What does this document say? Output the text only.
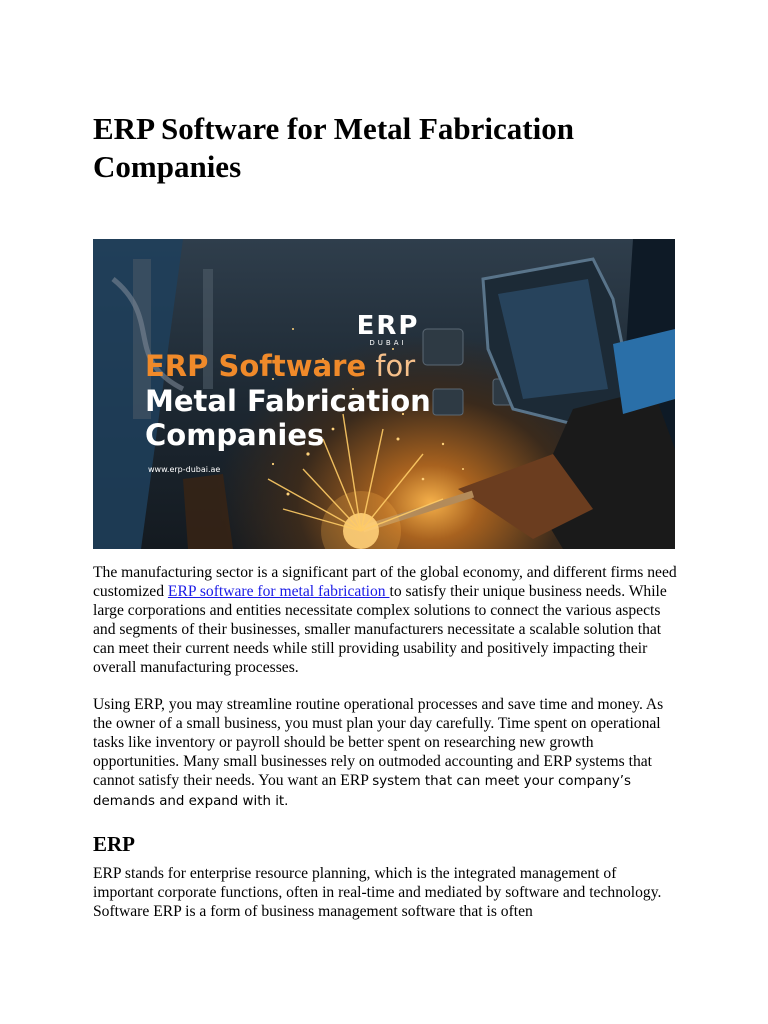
ERP Software for Metal Fabrication Companies
ERP
DUBAI
ERP Software for
Metal Fabrication
Companies
www.erp-dubai.ae

The manufacturing sector is a significant part of the global economy, and different firms need customized ERP software for metal fabrication to satisfy their unique business needs. While large corporations and entities necessitate complex solutions to connect the various aspects and segments of their businesses, smaller manufacturers necessitate a scalable solution that can meet their current needs while still providing usability and positively impacting their overall manufacturing processes.

Using ERP, you may streamline routine operational processes and save time and money. As the owner of a small business, you must plan your day carefully. Time spent on operational tasks like inventory or payroll should be better spent on researching new growth opportunities. Many small businesses rely on outmoded accounting and ERP systems that cannot satisfy their needs. You want an ERP system that can meet your company’s demands and expand with it.

ERP

ERP stands for enterprise resource planning, which is the integrated management of important corporate functions, often in real-time and mediated by software and technology. Software ERP is a form of business management software that is often
